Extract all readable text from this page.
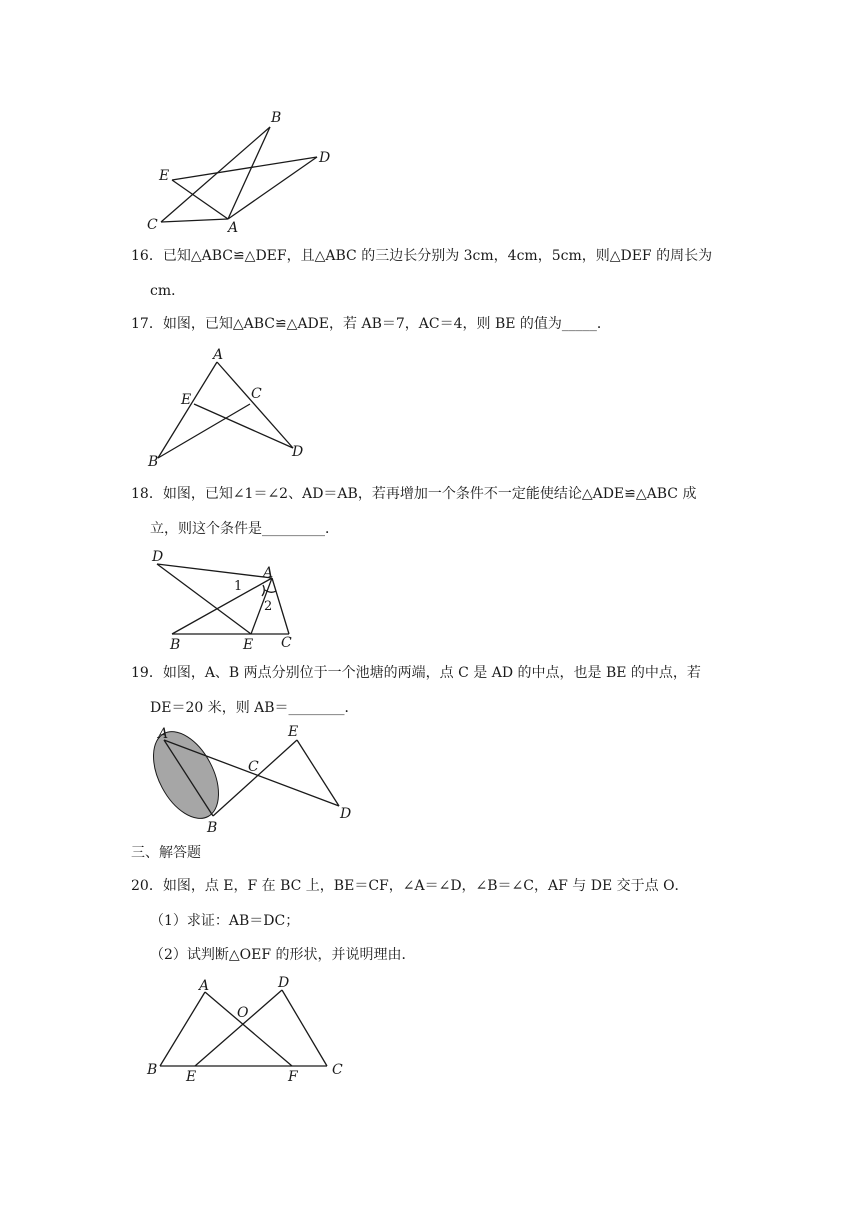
B
D
E
C	A
16．已知△ABC≌△DEF，且△ABC 的三边长分别为 3cm，4cm，5cm，则△DEF 的周长为
cm．
17．如图，已知△ABC≌△ADE，若 AB＝7，AC＝4，则 BE 的值为_____．
A
E	C
B
D
18．如图，已知∠1＝∠2、AD＝AB，若再增加一个条件不一定能使结论△ADE≌△ABC 成
立，则这个条件是_________．
D
A
1
2
B	E C
19．如图，A、B 两点分别位于一个池塘的两端，点 C 是 AD 的中点，也是 BE 的中点，若
DE＝20 米，则 AB＝________．
A	E
C
B
D
三、解答题
20．如图，点 E，F 在 BC 上，BE＝CF，∠A＝∠D，∠B＝∠C，AF 与 DE 交于点 O．
（1）求证：AB＝DC；
（2）试判断△OEF 的形状，并说明理由．
A	D
O
B E	F C
